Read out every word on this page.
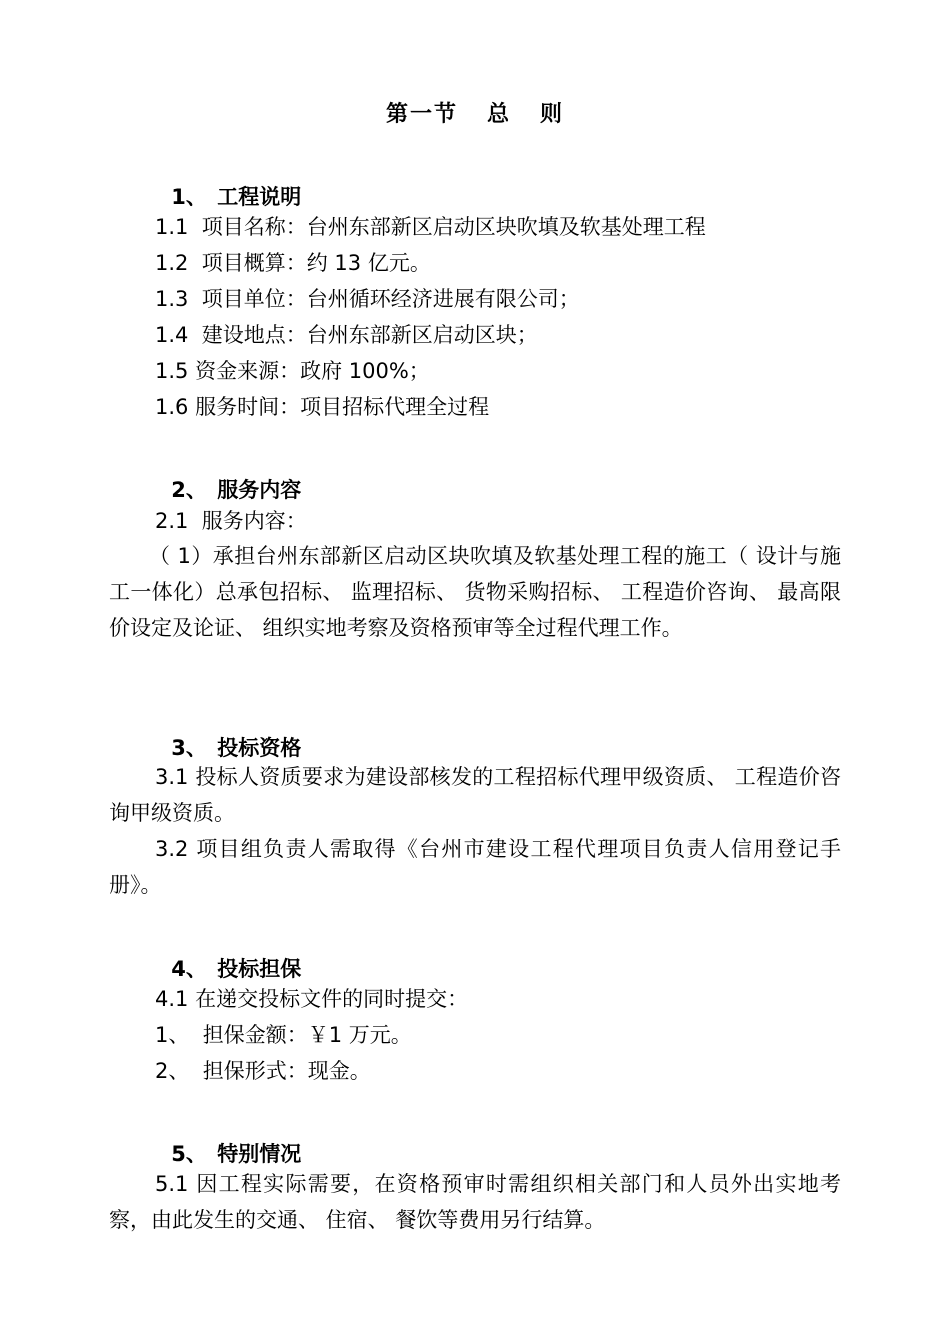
第一节   总   则

1、 工程说明

1.1  项目名称：台州东部新区启动区块吹填及软基处理工程
1.2  项目概算：约 13 亿元。
1.3  项目单位：台州循环经济进展有限公司；
1.4  建设地点：台州东部新区启动区块；
1.5 资金来源：政府 100%；
1.6 服务时间：项目招标代理全过程

2、 服务内容

2.1  服务内容：
（ 1）承担台州东部新区启动区块吹填及软基处理工程的施工（ 设计与施工一体化）总承包招标、 监理招标、 货物采购招标、 工程造价咨询、 最高限价设定及论证、 组织实地考察及资格预审等全过程代理工作。

3、 投标资格

3.1 投标人资质要求为建设部核发的工程招标代理甲级资质、 工程造价咨询甲级资质。
3.2 项目组负责人需取得《台州市建设工程代理项目负责人信用登记手册》。

4、 投标担保

4.1 在递交投标文件的同时提交：
1、  担保金额：￥1 万元。
2、  担保形式：现金。

5、 特别情况

5.1 因工程实际需要，在资格预审时需组织相关部门和人员外出实地考察，由此发生的交通、 住宿、 餐饮等费用另行结算。
